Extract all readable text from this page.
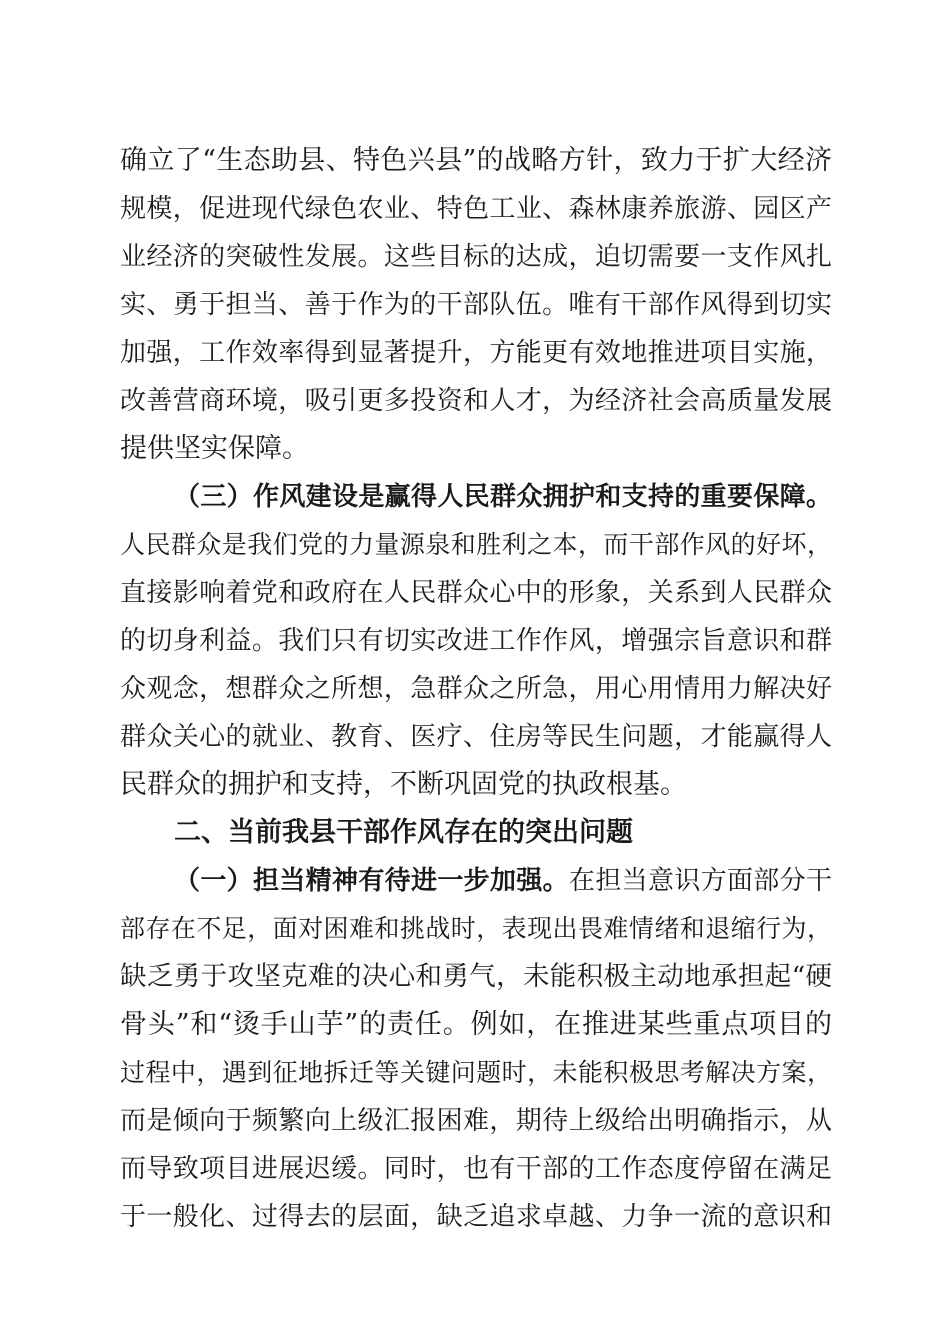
确立了“生态助县、特色兴县”的战略方针，致力于扩大经济
规模，促进现代绿色农业、特色工业、森林康养旅游、园区产
业经济的突破性发展。这些目标的达成，迫切需要一支作风扎
实、勇于担当、善于作为的干部队伍。唯有干部作风得到切实
加强，工作效率得到显著提升，方能更有效地推进项目实施，
改善营商环境，吸引更多投资和人才，为经济社会高质量发展
提供坚实保障。
（三）作风建设是赢得人民群众拥护和支持的重要保障。
人民群众是我们党的力量源泉和胜利之本，而干部作风的好坏，
直接影响着党和政府在人民群众心中的形象，关系到人民群众
的切身利益。我们只有切实改进工作作风，增强宗旨意识和群
众观念，想群众之所想，急群众之所急，用心用情用力解决好
群众关心的就业、教育、医疗、住房等民生问题，才能赢得人
民群众的拥护和支持，不断巩固党的执政根基。
二、当前我县干部作风存在的突出问题
（一）担当精神有待进一步加强。在担当意识方面部分干
部存在不足，面对困难和挑战时，表现出畏难情绪和退缩行为，
缺乏勇于攻坚克难的决心和勇气，未能积极主动地承担起“硬
骨头”和“烫手山芋”的责任。例如，在推进某些重点项目的
过程中，遇到征地拆迁等关键问题时，未能积极思考解决方案，
而是倾向于频繁向上级汇报困难，期待上级给出明确指示，从
而导致项目进展迟缓。同时，也有干部的工作态度停留在满足
于一般化、过得去的层面，缺乏追求卓越、力争一流的意识和
